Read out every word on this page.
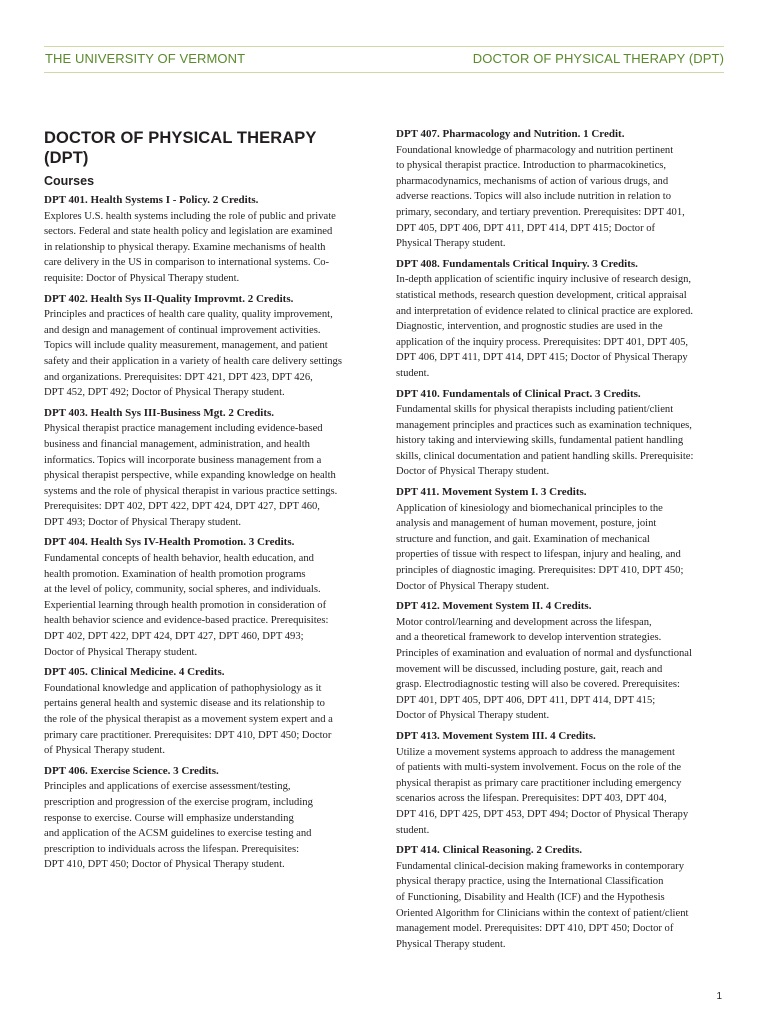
THE UNIVERSITY OF VERMONT	DOCTOR OF PHYSICAL THERAPY (DPT)
DOCTOR OF PHYSICAL THERAPY (DPT)
Courses
DPT 401. Health Systems I - Policy. 2 Credits.
Explores U.S. health systems including the role of public and private
sectors. Federal and state health policy and legislation are examined
in relationship to physical therapy. Examine mechanisms of health
care delivery in the US in comparison to international systems. Co-
requisite: Doctor of Physical Therapy student.
DPT 402. Health Sys II-Quality Improvmt. 2 Credits.
Principles and practices of health care quality, quality improvement,
and design and management of continual improvement activities.
Topics will include quality measurement, management, and patient
safety and their application in a variety of health care delivery settings
and organizations. Prerequisites: DPT 421, DPT 423, DPT 426,
DPT 452, DPT 492; Doctor of Physical Therapy student.
DPT 403. Health Sys III-Business Mgt. 2 Credits.
Physical therapist practice management including evidence-based
business and financial management, administration, and health
informatics. Topics will incorporate business management from a
physical therapist perspective, while expanding knowledge on health
systems and the role of physical therapist in various practice settings.
Prerequisites: DPT 402, DPT 422, DPT 424, DPT 427, DPT 460,
DPT 493; Doctor of Physical Therapy student.
DPT 404. Health Sys IV-Health Promotion. 3 Credits.
Fundamental concepts of health behavior, health education, and
health promotion. Examination of health promotion programs
at the level of policy, community, social spheres, and individuals.
Experiential learning through health promotion in consideration of
health behavior science and evidence-based practice. Prerequisites:
DPT 402, DPT 422, DPT 424, DPT 427, DPT 460, DPT 493;
Doctor of Physical Therapy student.
DPT 405. Clinical Medicine. 4 Credits.
Foundational knowledge and application of pathophysiology as it
pertains general health and systemic disease and its relationship to
the role of the physical therapist as a movement system expert and a
primary care practitioner. Prerequisites: DPT 410, DPT 450; Doctor
of Physical Therapy student.
DPT 406. Exercise Science. 3 Credits.
Principles and applications of exercise assessment/testing,
prescription and progression of the exercise program, including
response to exercise. Course will emphasize understanding
and application of the ACSM guidelines to exercise testing and
prescription to individuals across the lifespan. Prerequisites:
DPT 410, DPT 450; Doctor of Physical Therapy student.
DPT 407. Pharmacology and Nutrition. 1 Credit.
Foundational knowledge of pharmacology and nutrition pertinent
to physical therapist practice. Introduction to pharmacokinetics,
pharmacodynamics, mechanisms of action of various drugs, and
adverse reactions. Topics will also include nutrition in relation to
primary, secondary, and tertiary prevention. Prerequisites: DPT 401,
DPT 405, DPT 406, DPT 411, DPT 414, DPT 415; Doctor of
Physical Therapy student.
DPT 408. Fundamentals Critical Inquiry. 3 Credits.
In-depth application of scientific inquiry inclusive of research design,
statistical methods, research question development, critical appraisal
and interpretation of evidence related to clinical practice are explored.
Diagnostic, intervention, and prognostic studies are used in the
application of the inquiry process. Prerequisites: DPT 401, DPT 405,
DPT 406, DPT 411, DPT 414, DPT 415; Doctor of Physical Therapy
student.
DPT 410. Fundamentals of Clinical Pract. 3 Credits.
Fundamental skills for physical therapists including patient/client
management principles and practices such as examination techniques,
history taking and interviewing skills, fundamental patient handling
skills, clinical documentation and patient handling skills. Prerequisite:
Doctor of Physical Therapy student.
DPT 411. Movement System I. 3 Credits.
Application of kinesiology and biomechanical principles to the
analysis and management of human movement, posture, joint
structure and function, and gait. Examination of mechanical
properties of tissue with respect to lifespan, injury and healing, and
principles of diagnostic imaging. Prerequisites: DPT 410, DPT 450;
Doctor of Physical Therapy student.
DPT 412. Movement System II. 4 Credits.
Motor control/learning and development across the lifespan,
and a theoretical framework to develop intervention strategies.
Principles of examination and evaluation of normal and dysfunctional
movement will be discussed, including posture, gait, reach and
grasp. Electrodiagnostic testing will also be covered. Prerequisites:
DPT 401, DPT 405, DPT 406, DPT 411, DPT 414, DPT 415;
Doctor of Physical Therapy student.
DPT 413. Movement System III. 4 Credits.
Utilize a movement systems approach to address the management
of patients with multi-system involvement. Focus on the role of the
physical therapist as primary care practitioner including emergency
scenarios across the lifespan. Prerequisites: DPT 403, DPT 404,
DPT 416, DPT 425, DPT 453, DPT 494; Doctor of Physical Therapy
student.
DPT 414. Clinical Reasoning. 2 Credits.
Fundamental clinical-decision making frameworks in contemporary
physical therapy practice, using the International Classification
of Functioning, Disability and Health (ICF) and the Hypothesis
Oriented Algorithm for Clinicians within the context of patient/client
management model. Prerequisites: DPT 410, DPT 450; Doctor of
Physical Therapy student.
1
